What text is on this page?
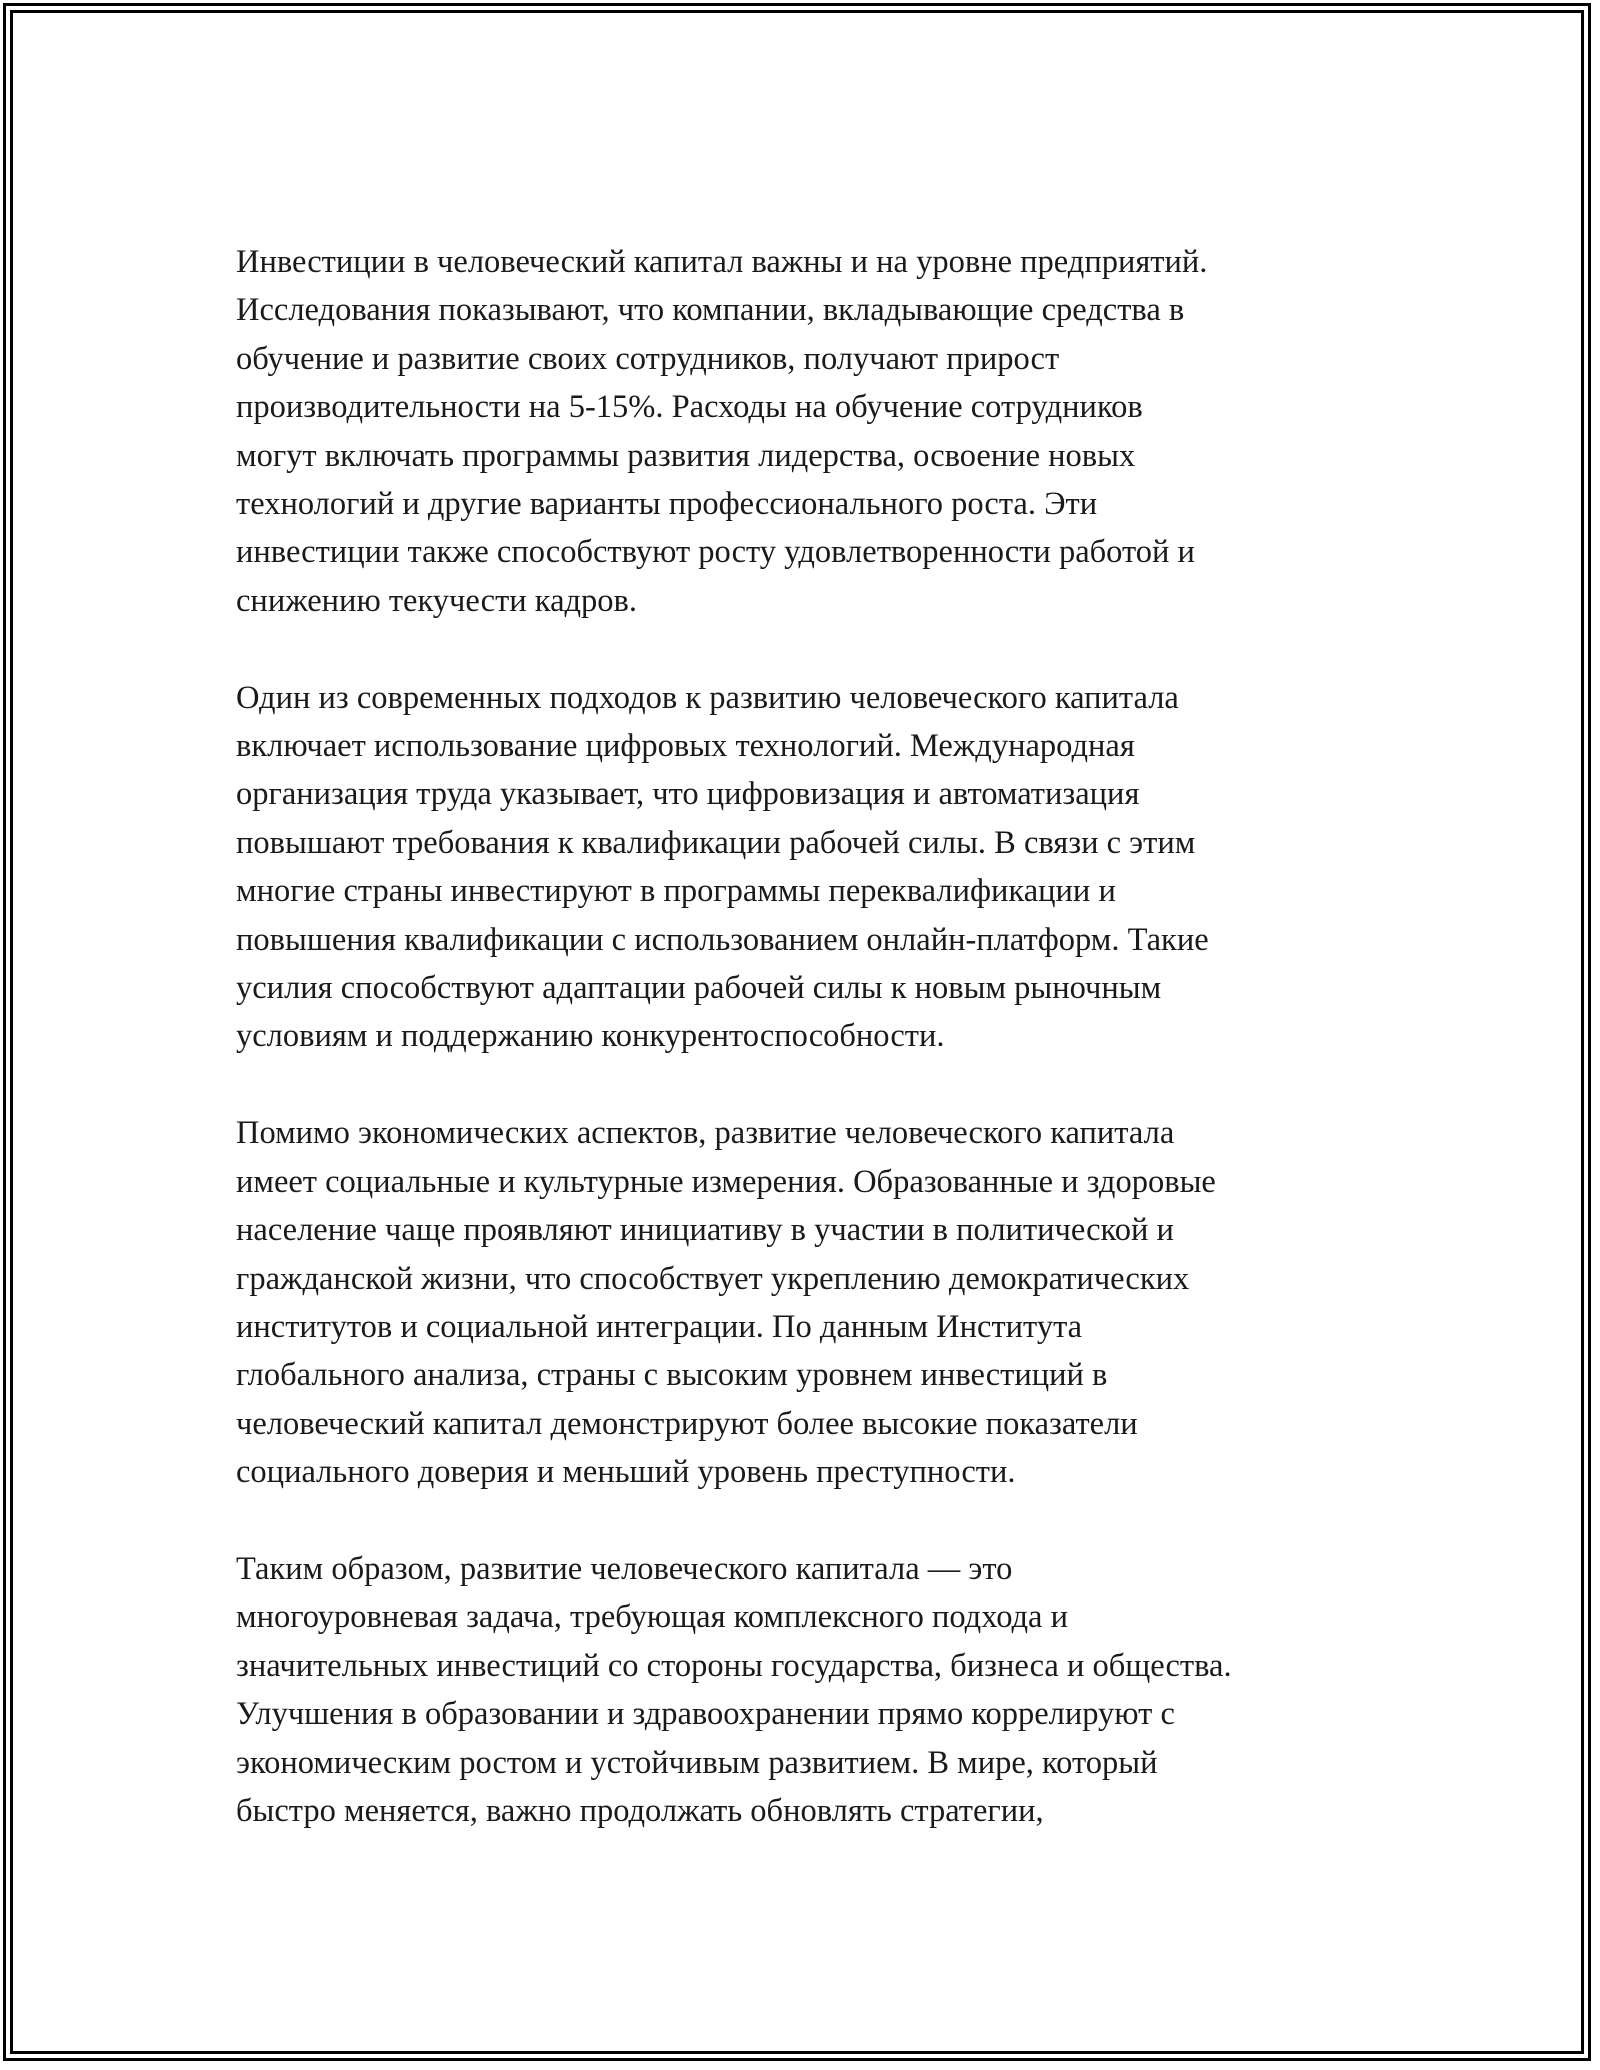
Инвестиции в человеческий капитал важны и на уровне предприятий.
Исследования показывают, что компании, вкладывающие средства в
обучение и развитие своих сотрудников, получают прирост
производительности на 5-15%. Расходы на обучение сотрудников
могут включать программы развития лидерства, освоение новых
технологий и другие варианты профессионального роста. Эти
инвестиции также способствуют росту удовлетворенности работой и
снижению текучести кадров.

Один из современных подходов к развитию человеческого капитала
включает использование цифровых технологий. Международная
организация труда указывает, что цифровизация и автоматизация
повышают требования к квалификации рабочей силы. В связи с этим
многие страны инвестируют в программы переквалификации и
повышения квалификации с использованием онлайн-платформ. Такие
усилия способствуют адаптации рабочей силы к новым рыночным
условиям и поддержанию конкурентоспособности.

Помимо экономических аспектов, развитие человеческого капитала
имеет социальные и культурные измерения. Образованные и здоровые
население чаще проявляют инициативу в участии в политической и
гражданской жизни, что способствует укреплению демократических
институтов и социальной интеграции. По данным Института
глобального анализа, страны с высоким уровнем инвестиций в
человеческий капитал демонстрируют более высокие показатели
социального доверия и меньший уровень преступности.

Таким образом, развитие человеческого капитала — это
многоуровневая задача, требующая комплексного подхода и
значительных инвестиций со стороны государства, бизнеса и общества.
Улучшения в образовании и здравоохранении прямо коррелируют с
экономическим ростом и устойчивым развитием. В мире, который
быстро меняется, важно продолжать обновлять стратегии,
